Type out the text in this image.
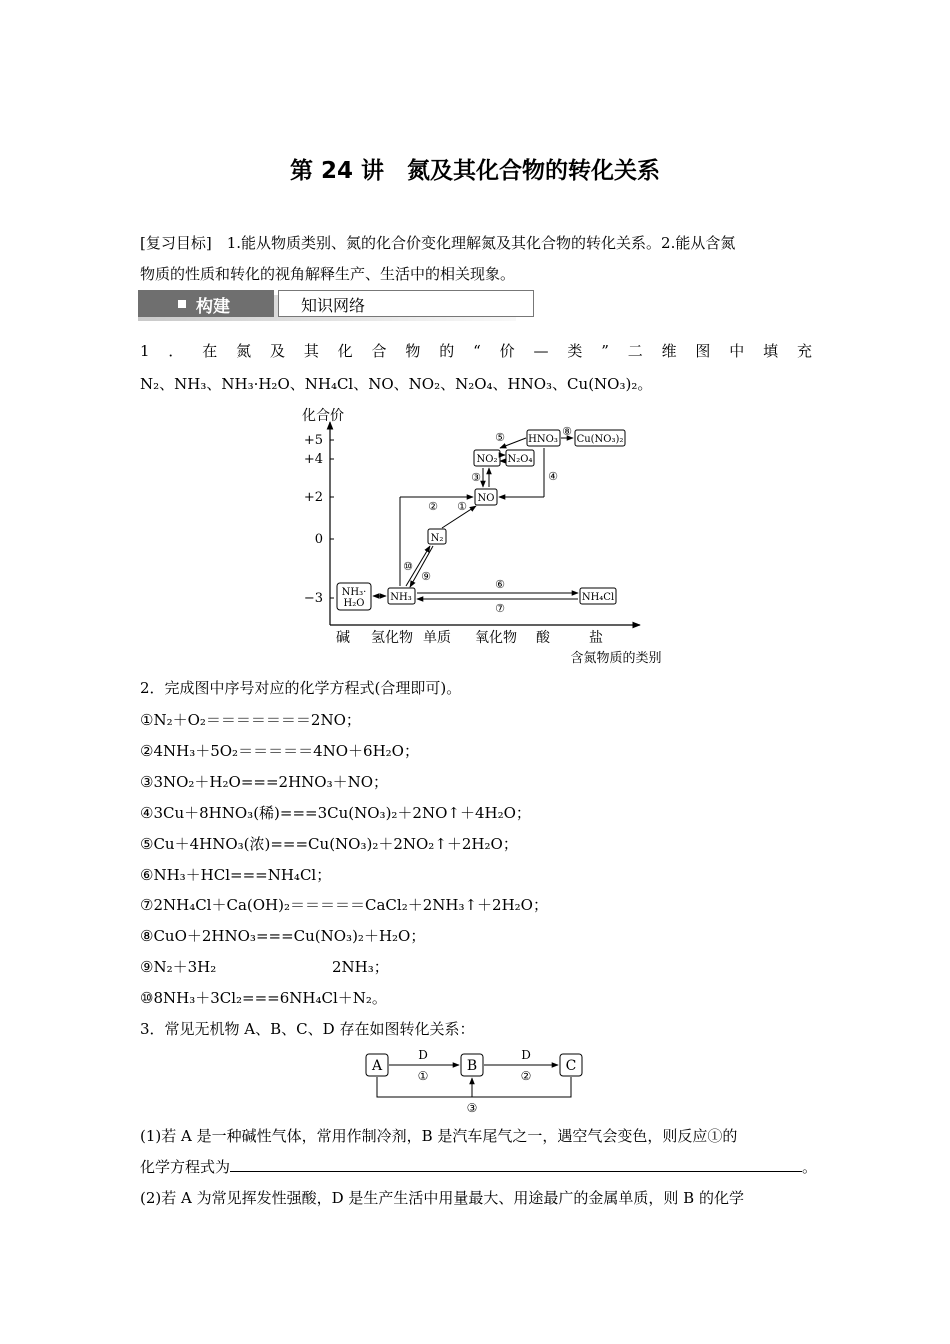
第 24 讲　氮及其化合物的转化关系
[复习目标]　 1.能从物质类别、氮的化合价变化理解氮及其化合物的转化关系。2.能从含氮
物质的性质和转化的视角解释生产、生活中的相关现象。
构建	知识网络
1．在氮及其化合物的“价—类”二维图中填充
N₂、NH₃、NH₃·H₂O、NH₄Cl、NO、NO₂、N₂O₄、HNO₃、Cu(NO₃)₂。
化合价
+5
+4
+2
0
−3
碱 氢化物 单质 氧化物 酸	盐
含氮物质的类别
NH₃·
H₂O
NH₃	NH₄Cl
N₂
NO
NO₂ N₂O₄
HNO₃ Cu(NO₃)₂
①
②
③	④
⑤
⑥
⑦
⑧
⑨
⑩
2．完成图中序号对应的化学方程式(合理即可)。
①N₂＋O₂＝＝＝＝＝＝＝2NO；
②4NH₃＋5O₂＝＝＝＝＝4NO＋6H₂O；
③3NO₂＋H₂O===2HNO₃＋NO；
④3Cu＋8HNO₃(稀)===3Cu(NO₃)₂＋2NO↑＋4H₂O；
⑤Cu＋4HNO₃(浓)===Cu(NO₃)₂＋2NO₂↑＋2H₂O；
⑥NH₃＋HCl===NH₄Cl；
⑦2NH₄Cl＋Ca(OH)₂＝＝＝＝＝CaCl₂＋2NH₃↑＋2H₂O；
⑧CuO＋2HNO₃===Cu(NO₃)₂＋H₂O；
⑨N₂＋3H₂	2NH₃；
⑩8NH₃＋3Cl₂===6NH₄Cl＋N₂。
3．常见无机物 A、B、C、D 存在如图转化关系：
A	B	C
D	D
①	②
③
(1)若 A 是一种碱性气体，常用作制冷剂，B 是汽车尾气之一，遇空气会变色，则反应①的
化学方程式为	。
(2)若 A 为常见挥发性强酸，D 是生产生活中用量最大、用途最广的金属单质，则 B 的化学
